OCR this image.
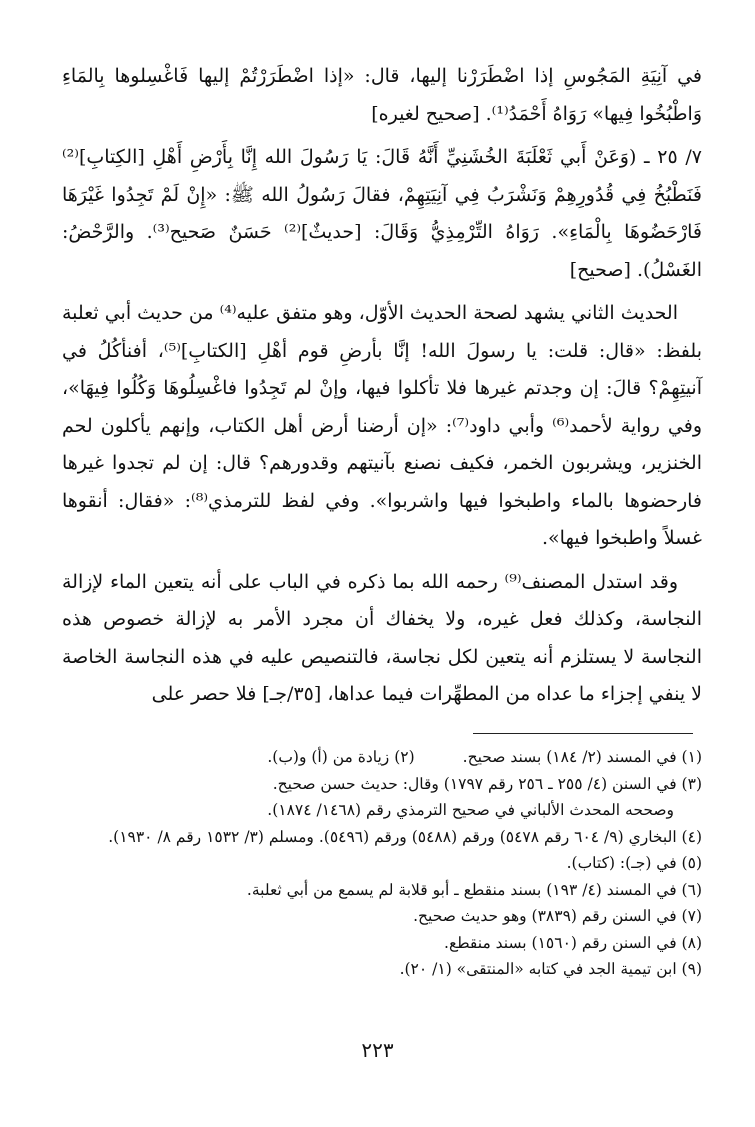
في آنِيَةِ المَجُوسِ إذا اضْطَرَرْنا إليها، قال: «إذا اضْطَرَرْتُمْ إليها فَاغْسِلوها بِالمَاءِ وَاطْبُخُوا فِيها» رَوَاهُ أَحْمَدُ⁽¹⁾. [صحيح لغيره]

٧/ ٢٥ ـ (وَعَنْ أَبي ثَعْلَبَةَ الخُشَنِيِّ أَنَّهُ قَالَ: يَا رَسُولَ الله إِنَّا بِأَرْضِ أَهْلِ [الكِتابِ]⁽²⁾ فَنَطْبُخُ فِي قُدُورِهِمْ وَنَشْرَبُ فِي آنِيَتِهِمْ، فقالَ رَسُولُ الله ﷺ: «إِنْ لَمْ تَجِدُوا غَيْرَهَا فَارْحَضُوهَا بِالْمَاءِ». رَوَاهُ التِّرْمِذِيُّ وَقَالَ: [حديثٌ]⁽²⁾ حَسَنٌ صَحيح⁽³⁾. والرَّحْضُ: الغَسْلُ). [صحيح]

الحديث الثاني يشهد لصحة الحديث الأوّل، وهو متفق عليه⁽⁴⁾ من حديث أبي ثعلبة بلفظ: «قال: قلت: يا رسولَ الله! إنَّا بأرضِ قوم أهْلِ [الكتابِ]⁽⁵⁾، أفنأكُلُ في آنيتِهِمْ؟ قالَ: إن وجدتم غيرها فلا تأكلوا فيها، وإنْ لم تَجِدُوا فاغْسِلُوهَا وَكُلُوا فِيهَا»، وفي رواية لأحمد⁽⁶⁾ وأبي داود⁽⁷⁾: «إن أرضنا أرض أهل الكتاب، وإنهم يأكلون لحم الخنزير، ويشربون الخمر، فكيف نصنع بآنيتهم وقدورهم؟ قال: إن لم تجدوا غيرها فارحضوها بالماء واطبخوا فيها واشربوا». وفي لفظ للترمذي⁽⁸⁾: «فقال: أنقوها غسلاً واطبخوا فيها».

وقد استدل المصنف⁽⁹⁾ رحمه الله بما ذكره في الباب على أنه يتعين الماء لإزالة النجاسة، وكذلك فعل غيره، ولا يخفاك أن مجرد الأمر به لإزالة خصوص هذه النجاسة لا يستلزم أنه يتعين لكل نجاسة، فالتنصيص عليه في هذه النجاسة الخاصة لا ينفي إجزاء ما عداه من المطهِّرات فيما عداها، [٣٥/جـ] فلا حصر على

(١) في المسند (٢/ ١٨٤) بسند صحيح.(٢) زيادة من (أ) و(ب).
(٣) في السنن (٤/ ٢٥٥ ـ ٢٥٦ رقم ١٧٩٧) وقال: حديث حسن صحيح.
وصححه المحدث الألباني في صحيح الترمذي رقم (١٤٦٨/ ١٨٧٤).
(٤) البخاري (٩/ ٦٠٤ رقم ٥٤٧٨) ورقم (٥٤٨٨) ورقم (٥٤٩٦). ومسلم (٣/ ١٥٣٢ رقم ٨/ ١٩٣٠).
(٥) في (جـ): (كتاب).
(٦) في المسند (٤/ ١٩٣) بسند منقطع ـ أبو قلابة لم يسمع من أبي ثعلبة.
(٧) في السنن رقم (٣٨٣٩) وهو حديث صحيح.
(٨) في السنن رقم (١٥٦٠) بسند منقطع.
(٩) ابن تيمية الجد في كتابه «المنتقى» (١/ ٢٠).
٢٢٣
